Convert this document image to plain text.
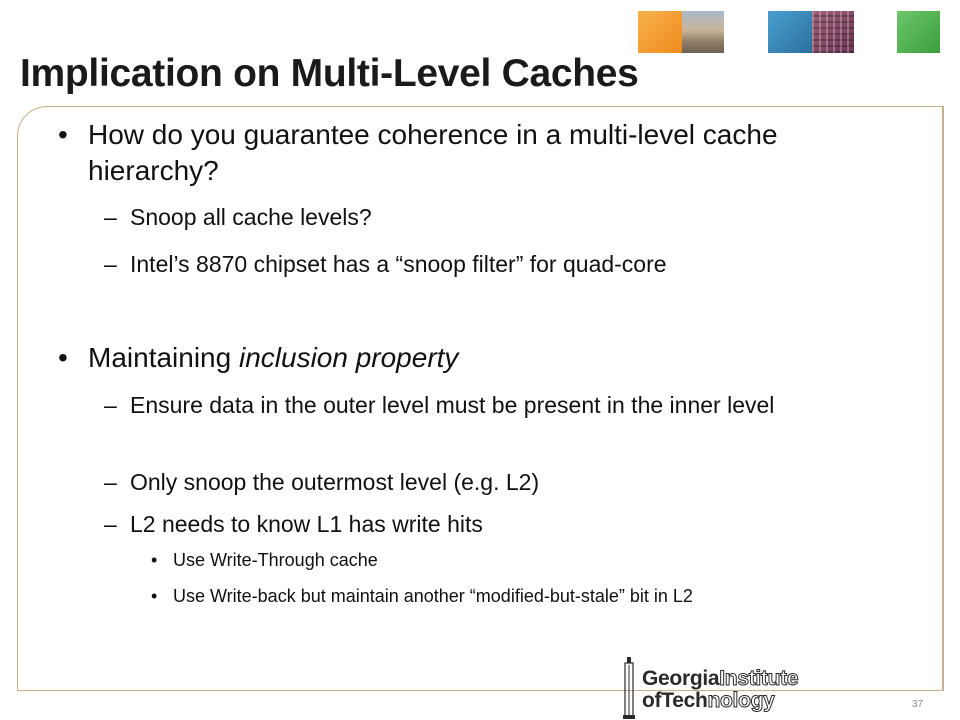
Implication on Multi-Level Caches
• How do you guarantee coherence in a multi-level cache hierarchy?

– Snoop all cache levels?

– Intel’s 8870 chipset has a “snoop filter” for quad-core

• Maintaining inclusion property

– Ensure data in the outer level must be present in the inner level

– Only snoop the outermost level (e.g. L2)

– L2 needs to know L1 has write hits

• Use Write-Through cache

• Use Write-back but maintain another “modified-but-stale” bit in L2

GeorgiaInstitute
ofTechnology	37
